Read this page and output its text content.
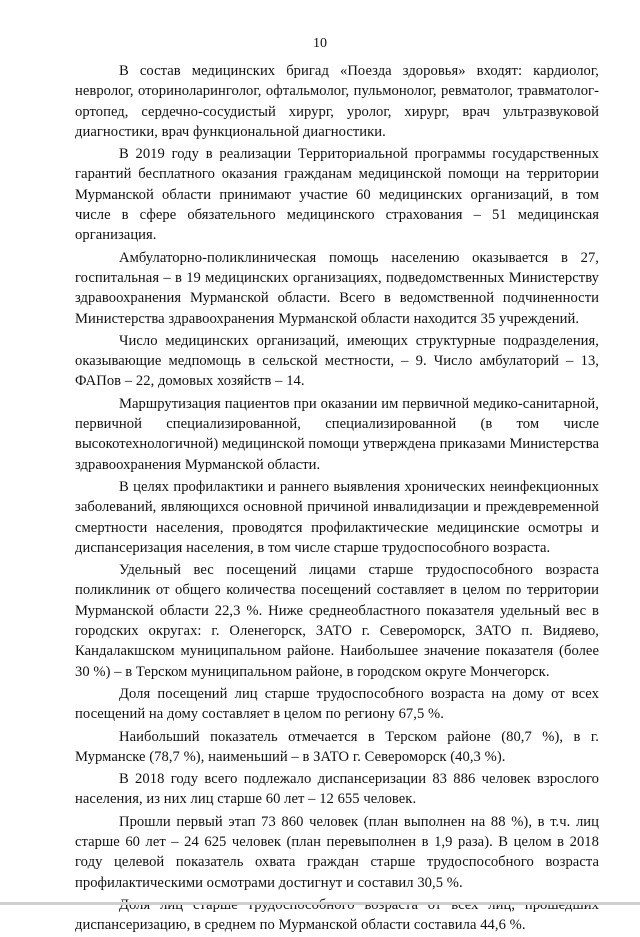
10

В состав медицинских бригад «Поезда здоровья» входят: кардиолог, невролог, оториноларинголог, офтальмолог, пульмонолог, ревматолог, травматолог-ортопед, сердечно-сосудистый хирург, уролог, хирург, врач ультразвуковой диагностики, врач функциональной диагностики.

В 2019 году в реализации Территориальной программы государственных гарантий бесплатного оказания гражданам медицинской помощи на территории Мурманской области принимают участие 60 медицинских организаций, в том числе в сфере обязательного медицинского страхования – 51 медицинская организация.

Амбулаторно-поликлиническая помощь населению оказывается в 27, госпитальная – в 19 медицинских организациях, подведомственных Министерству здравоохранения Мурманской области. Всего в ведомственной подчиненности Министерства здравоохранения Мурманской области находится 35 учреждений.

Число медицинских организаций, имеющих структурные подразделения, оказывающие медпомощь в сельской местности, – 9. Число амбулаторий – 13, ФАПов – 22, домовых хозяйств – 14.

Маршрутизация пациентов при оказании им первичной медико-санитарной, первичной специализированной, специализированной (в том числе высокотехнологичной) медицинской помощи утверждена приказами Министерства здравоохранения Мурманской области.

В целях профилактики и раннего выявления хронических неинфекционных заболеваний, являющихся основной причиной инвалидизации и преждевременной смертности населения, проводятся профилактические медицинские осмотры и диспансеризация населения, в том числе старше трудоспособного возраста.

Удельный вес посещений лицами старше трудоспособного возраста поликлиник от общего количества посещений составляет в целом по территории Мурманской области 22,3 %. Ниже среднеобластного показателя удельный вес в городских округах: г. Оленегорск, ЗАТО г. Североморск, ЗАТО п. Видяево, Кандалакшском муниципальном районе. Наибольшее значение показателя (более 30 %) – в Терском муниципальном районе, в городском округе Мончегорск.

Доля посещений лиц старше трудоспособного возраста на дому от всех посещений на дому составляет в целом по региону 67,5 %.

Наибольший показатель отмечается в Терском районе (80,7 %), в г. Мурманске (78,7 %), наименьший – в ЗАТО г. Североморск (40,3 %).

В 2018 году всего подлежало диспансеризации 83 886 человек взрослого населения, из них лиц старше 60 лет – 12 655 человек.

Прошли первый этап 73 860 человек (план выполнен на 88 %), в т.ч. лиц старше 60 лет – 24 625 человек (план перевыполнен в 1,9 раза). В целом в 2018 году целевой показатель охвата граждан старше трудоспособного возраста профилактическими осмотрами достигнут и составил 30,5 %.

диспансеризацию, в среднем по Мурманской области составила 44,6 %.
